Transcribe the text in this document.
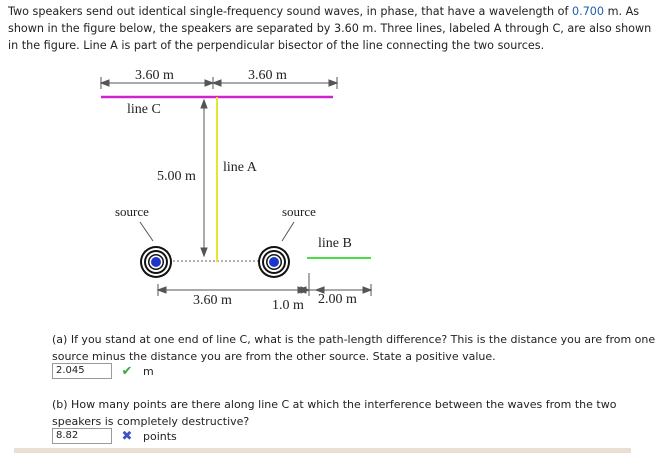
Two speakers send out identical single-frequency sound waves, in phase, that have a wavelength of 0.700 m. As shown in the figure below, the speakers are separated by 3.60 m. Three lines, labeled A through C, are also shown in the figure. Line A is part of the perpendicular bisector of the line connecting the two sources.

3.60 m	3.60 m
line C
line A
5.00 m
source	source
line B
3.60 m	1.0 m 2.00 m

(a) If you stand at one end of line C, what is the path-length difference? This is the distance you are from one source minus the distance you are from the other source. State a positive value.

2.045	✔ m

(b) How many points are there along line C at which the interference between the waves from the two speakers is completely destructive?

8.82	✖ points
